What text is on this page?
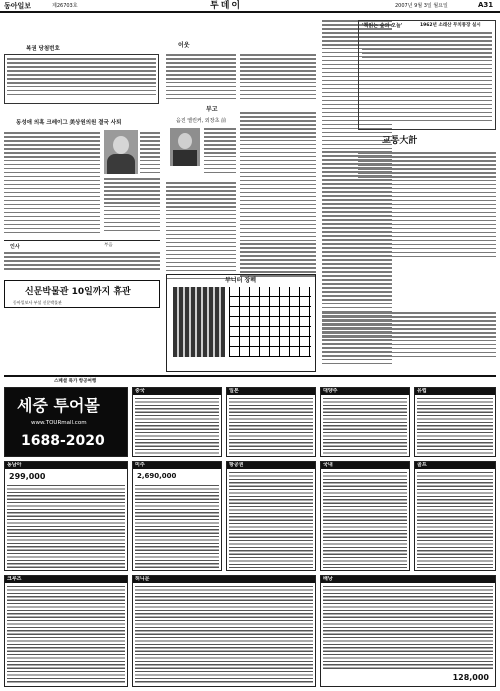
동아일보	제26703호	투데이	2007년 9월 3일 월요일	A31
복권 당첨번호
동성애 의혹 크레이그 美상원의원 결국 사퇴
부음
인사
신문박물관 10일까지 휴관
동아일보사 부설 신문박물관
이웃
부고
음진 엘린커, 외장초 前
부니터 장펙
'책읽는 숲의 오늘'	1962년 소래산 무치통장 실시
교통大計
스페셜 특가 항공여행
세중 투어몰
www.TOURmall.com
1688-2020
중국	일본	대양주	유럽
동남아
299,000
미주
2,690,000
항공권	국내	골프
크루즈	허니문	배낭
128,000
